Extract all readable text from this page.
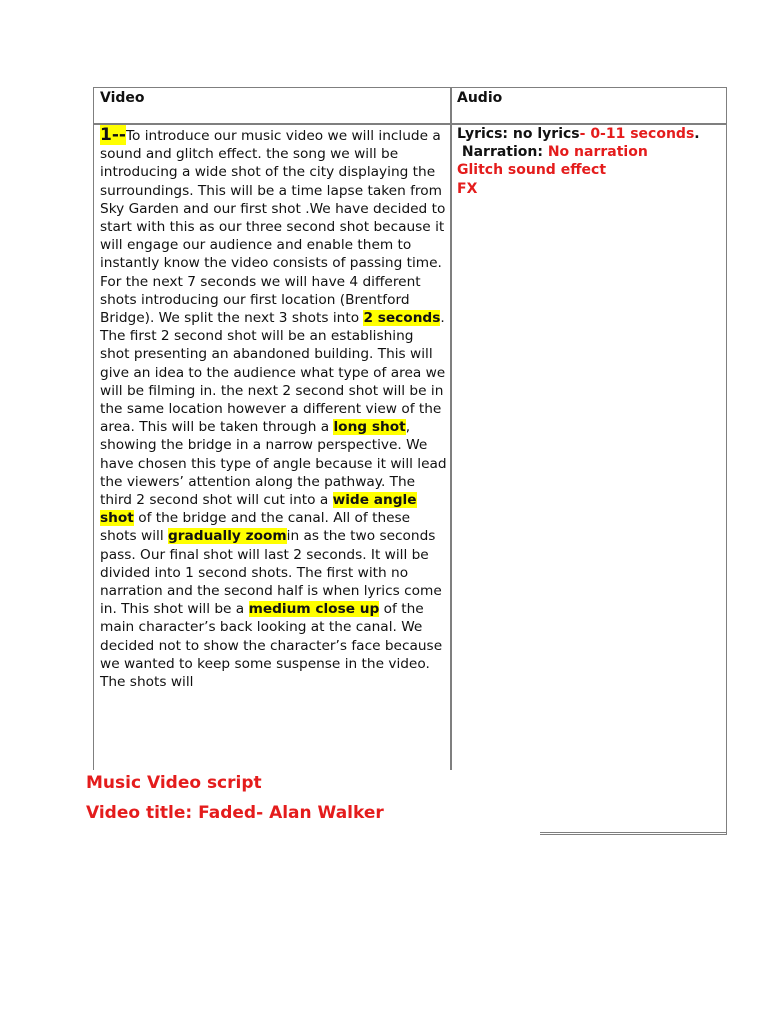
Video	Audio
1--To introduce our music video we will include a sound and glitch effect. the song we will be introducing a wide shot of the city displaying the surroundings. This will be a time lapse taken from Sky Garden and our first shot .We have decided to start with this as our three second shot because it will engage our audience and enable them to instantly know the video consists of passing time. For the next 7 seconds we will have 4 different shots introducing our first location (Brentford Bridge). We split the next 3 shots into 2 seconds. The first 2 second shot will be an establishing shot presenting an abandoned building. This will give an idea to the audience what type of area we will be filming in. the next 2 second shot will be in the same location however a different view of the area. This will be taken through a long shot, showing the bridge in a narrow perspective. We have chosen this type of angle because it will lead the viewers’ attention along the pathway. The third 2 second shot will cut into a wide angle shot of the bridge and the canal. All of these shots will gradually zoomin as the two seconds pass. Our final shot will last 2 seconds. It will be divided into 1 second shots. The first with no narration and the second half is when lyrics come in. This shot will be a medium close up of the main character’s back looking at the canal. We decided not to show the character’s face because we wanted to keep some suspense in the video. The shots will
Lyrics: no lyrics- 0-11 seconds.
Narration: No narration
Glitch sound effect
FX
Music Video script
Video title: Faded- Alan Walker
